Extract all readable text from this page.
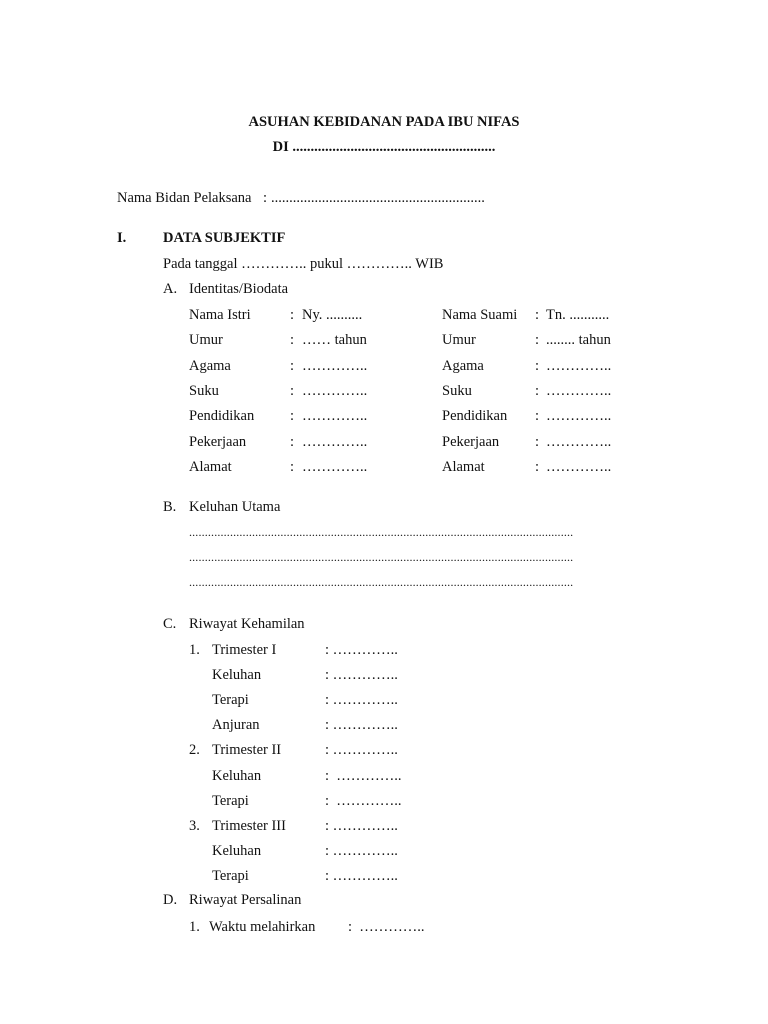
ASUHAN KEBIDANAN PADA IBU NIFAS
DI ........................................................
Nama Bidan Pelaksana : ...........................................................
I.	DATA SUBJEKTIF
Pada tanggal ………….. pukul ………….. WIB
A. Identitas/Biodata
Nama Istri	: Ny. ..........	Nama Suami : Tn. ...........
Umur	: …… tahun	Umur	: ........ tahun
Agama	: …………..	Agama	: …………..
Suku	: …………..	Suku	: …………..
Pendidikan : …………..	Pendidikan : …………..
Pekerjaan	: …………..	Pekerjaan : …………..
Alamat	: …………..	Alamat	: …………..
B. Keluhan Utama
..........................................................................................................................
..........................................................................................................................
..........................................................................................................................
C. Riwayat Kehamilan
1. Trimester I	: …………..
Keluhan	: …………..
Terapi	: …………..
Anjuran	: …………..
2. Trimester II	: …………..
Keluhan	:  …………..
Terapi	:  …………..
3. Trimester III	: …………..
Keluhan	: …………..
Terapi	: …………..
D. Riwayat Persalinan
1. Waktu melahirkan :  …………..
